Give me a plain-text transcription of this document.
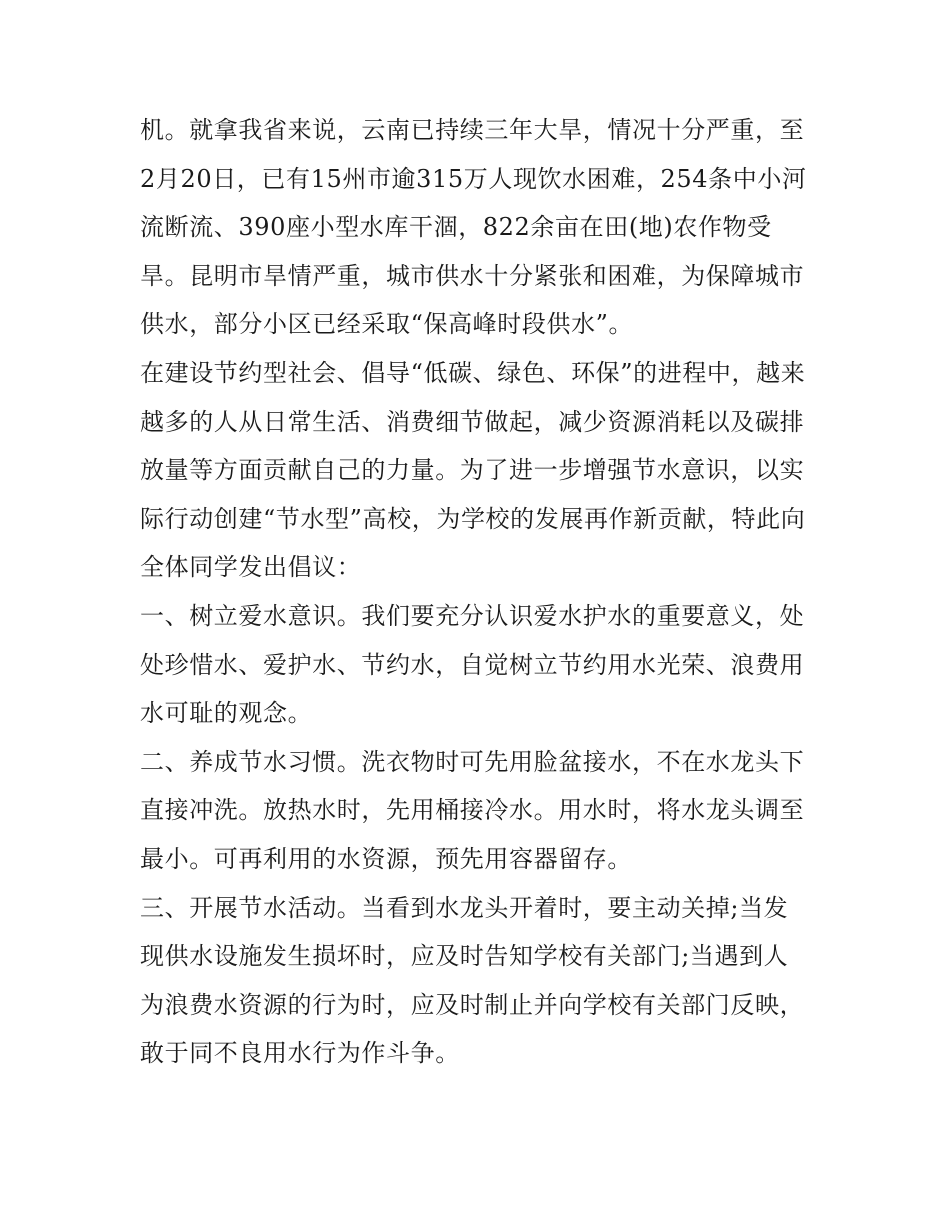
机。就拿我省来说，云南已持续三年大旱，情况十分严重，至
2月20日，已有15州市逾315万人现饮水困难，254条中小河
流断流、390座小型水库干涸，822余亩在田(地)农作物受
旱。昆明市旱情严重，城市供水十分紧张和困难，为保障城市
供水，部分小区已经采取“保高峰时段供水”。
在建设节约型社会、倡导“低碳、绿色、环保”的进程中，越来
越多的人从日常生活、消费细节做起，减少资源消耗以及碳排
放量等方面贡献自己的力量。为了进一步增强节水意识，以实
际行动创建“节水型”高校，为学校的发展再作新贡献，特此向
全体同学发出倡议：
一、树立爱水意识。我们要充分认识爱水护水的重要意义，处
处珍惜水、爱护水、节约水，自觉树立节约用水光荣、浪费用
水可耻的观念。
二、养成节水习惯。洗衣物时可先用脸盆接水，不在水龙头下
直接冲洗。放热水时，先用桶接冷水。用水时，将水龙头调至
最小。可再利用的水资源，预先用容器留存。
三、开展节水活动。当看到水龙头开着时，要主动关掉;当发
现供水设施发生损坏时，应及时告知学校有关部门;当遇到人
为浪费水资源的行为时，应及时制止并向学校有关部门反映，
敢于同不良用水行为作斗争。
